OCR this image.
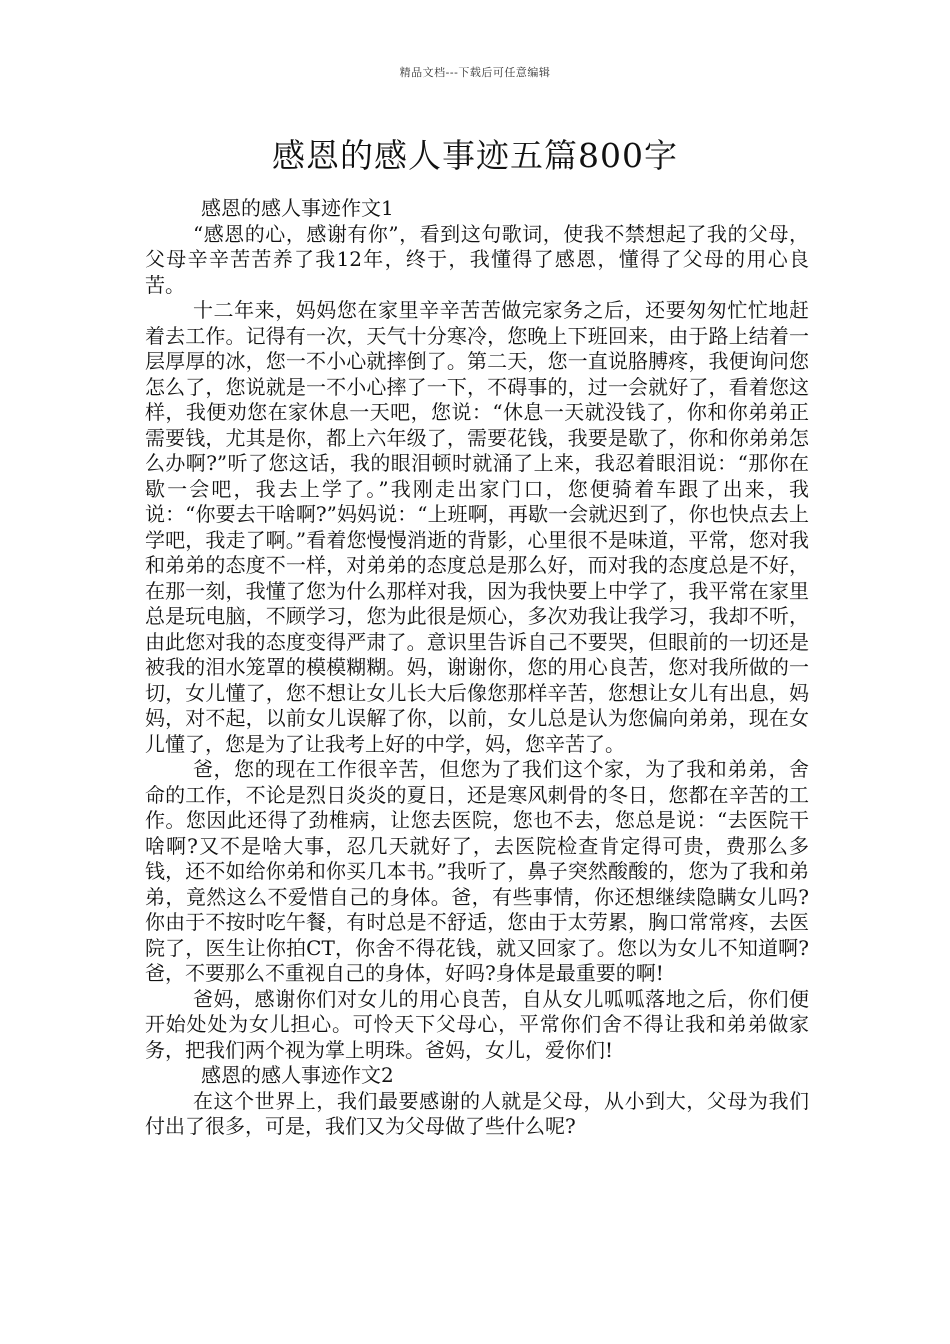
精品文档---下载后可任意编辑
感恩的感人事迹五篇800字

感恩的感人事迹作文1

“感恩的心，感谢有你”，看到这句歌词，使我不禁想起了我的父母，父母辛辛苦苦养了我12年，终于，我懂得了感恩，懂得了父母的用心良苦。

十二年来，妈妈您在家里辛辛苦苦做完家务之后，还要匆匆忙忙地赶着去工作。记得有一次，天气十分寒冷，您晚上下班回来，由于路上结着一层厚厚的冰，您一不小心就摔倒了。第二天，您一直说胳膊疼，我便询问您怎么了，您说就是一不小心摔了一下，不碍事的，过一会就好了，看着您这样，我便劝您在家休息一天吧，您说：“休息一天就没钱了，你和你弟弟正需要钱，尤其是你，都上六年级了，需要花钱，我要是歇了，你和你弟弟怎么办啊?”听了您这话，我的眼泪顿时就涌了上来，我忍着眼泪说：“那你在歇一会吧，我去上学了。”我刚走出家门口，您便骑着车跟了出来，我说：“你要去干啥啊?”妈妈说：“上班啊，再歇一会就迟到了，你也快点去上学吧，我走了啊。”看着您慢慢消逝的背影，心里很不是味道，平常，您对我和弟弟的态度不一样，对弟弟的态度总是那么好，而对我的态度总是不好，在那一刻，我懂了您为什么那样对我，因为我快要上中学了，我平常在家里总是玩电脑，不顾学习，您为此很是烦心，多次劝我让我学习，我却不听，由此您对我的态度变得严肃了。意识里告诉自己不要哭，但眼前的一切还是被我的泪水笼罩的模模糊糊。妈，谢谢你，您的用心良苦，您对我所做的一切，女儿懂了，您不想让女儿长大后像您那样辛苦，您想让女儿有出息，妈妈，对不起，以前女儿误解了你，以前，女儿总是认为您偏向弟弟，现在女儿懂了，您是为了让我考上好的中学，妈，您辛苦了。

爸，您的现在工作很辛苦，但您为了我们这个家，为了我和弟弟，舍命的工作，不论是烈日炎炎的夏日，还是寒风刺骨的冬日，您都在辛苦的工作。您因此还得了劲椎病，让您去医院，您也不去，您总是说：“去医院干啥啊?又不是啥大事，忍几天就好了，去医院检查肯定得可贵，费那么多钱，还不如给你弟和你买几本书。”我听了，鼻子突然酸酸的，您为了我和弟弟，竟然这么不爱惜自己的身体。爸，有些事情，你还想继续隐瞒女儿吗?你由于不按时吃午餐，有时总是不舒适，您由于太劳累，胸口常常疼，去医院了，医生让你拍CT，你舍不得花钱，就又回家了。您以为女儿不知道啊?爸，不要那么不重视自己的身体，好吗?身体是最重要的啊!

爸妈，感谢你们对女儿的用心良苦，自从女儿呱呱落地之后，你们便开始处处为女儿担心。可怜天下父母心，平常你们舍不得让我和弟弟做家务，把我们两个视为掌上明珠。爸妈，女儿，爱你们!

感恩的感人事迹作文2

在这个世界上，我们最要感谢的人就是父母，从小到大，父母为我们付出了很多，可是，我们又为父母做了些什么呢?
